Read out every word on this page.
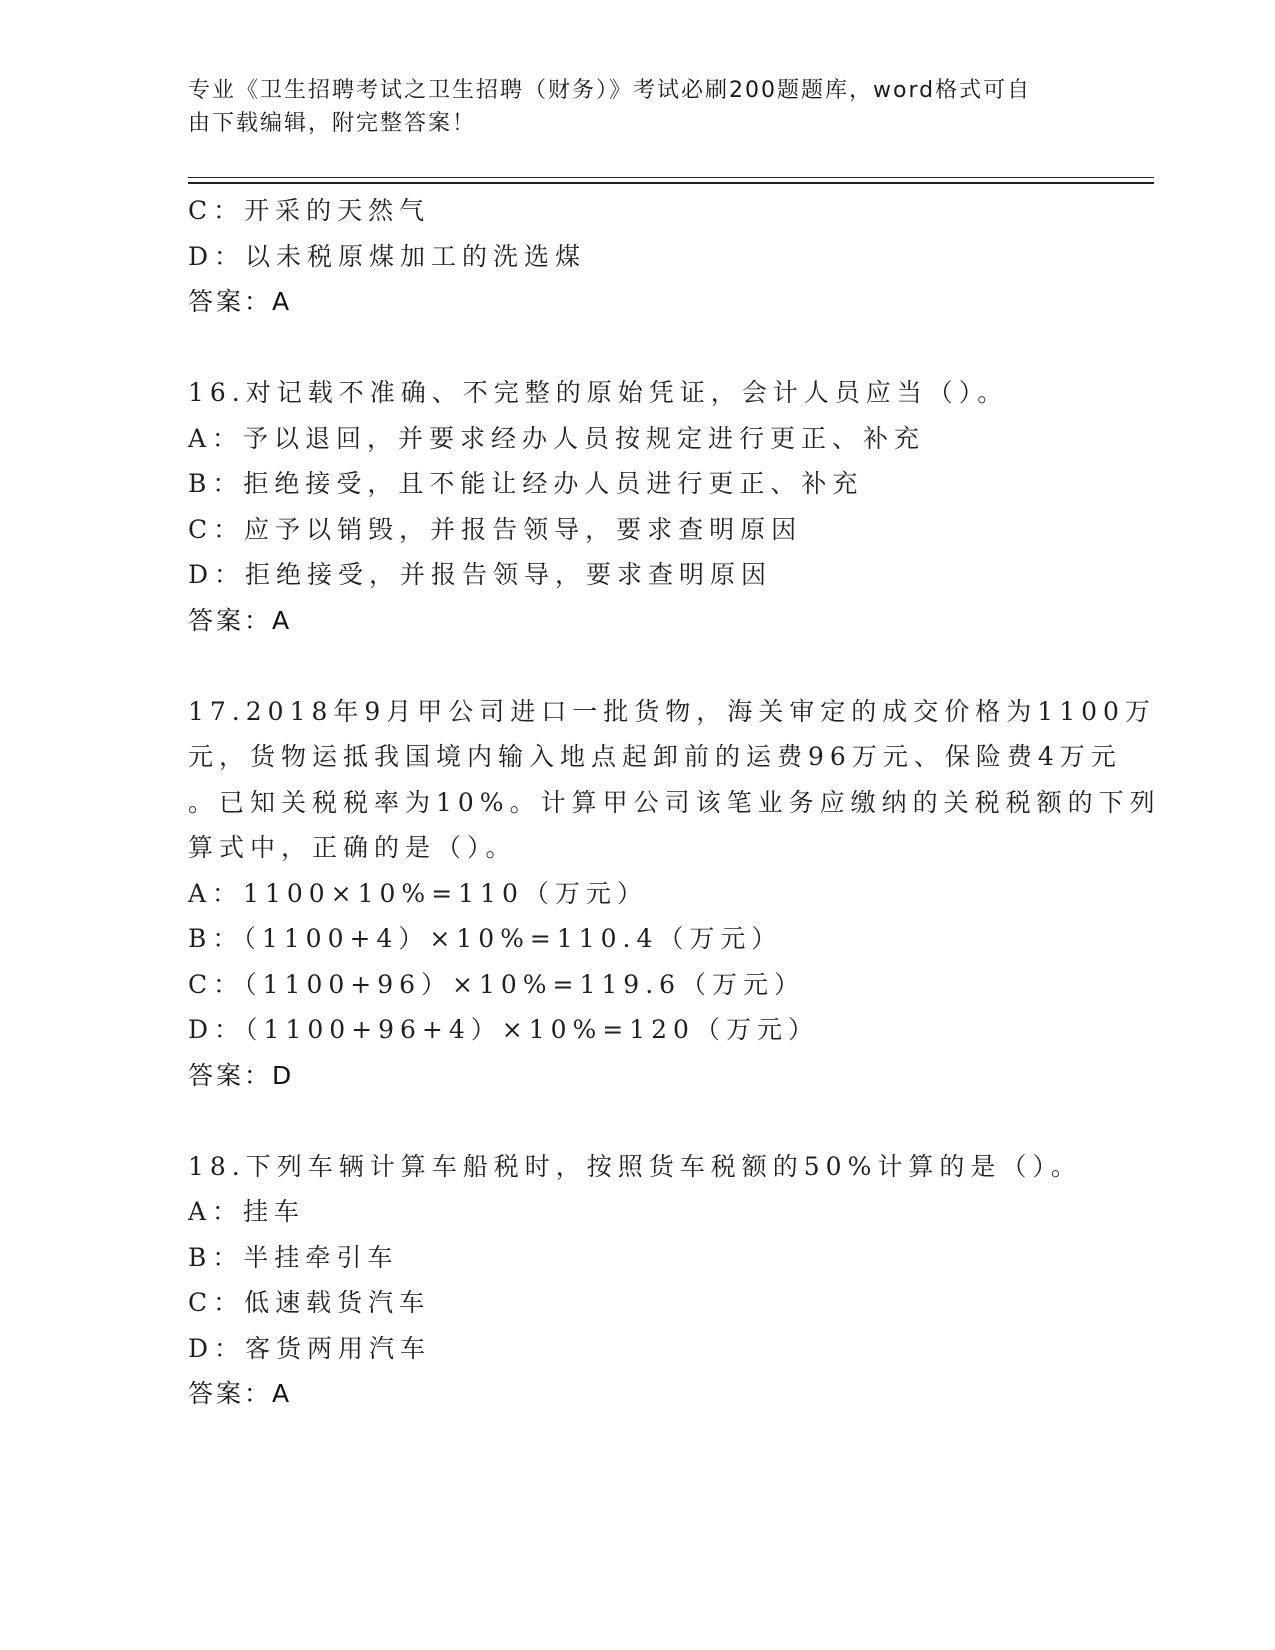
专业《卫生招聘考试之卫生招聘（财务）》考试必刷200题题库，word格式可自
由下载编辑，附完整答案！
C：开采的天然气
D：以未税原煤加工的洗选煤
答案：A
16.对记载不准确、不完整的原始凭证，会计人员应当（）。
A：予以退回，并要求经办人员按规定进行更正、补充
B：拒绝接受，且不能让经办人员进行更正、补充
C：应予以销毁，并报告领导，要求查明原因
D：拒绝接受，并报告领导，要求查明原因
答案：A
17.2018年9月甲公司进口一批货物，海关审定的成交价格为1100万
元，货物运抵我国境内输入地点起卸前的运费96万元、保险费4万元
。已知关税税率为10%。计算甲公司该笔业务应缴纳的关税税额的下列
算式中，正确的是（）。
A：1100×10%=110（万元）
B：（1100+4）×10%=110.4（万元）
C：（1100+96）×10%=119.6（万元）
D：（1100+96+4）×10%=120（万元）
答案：D
18.下列车辆计算车船税时，按照货车税额的50%计算的是（）。
A：挂车
B：半挂牵引车
C：低速载货汽车
D：客货两用汽车
答案：A
